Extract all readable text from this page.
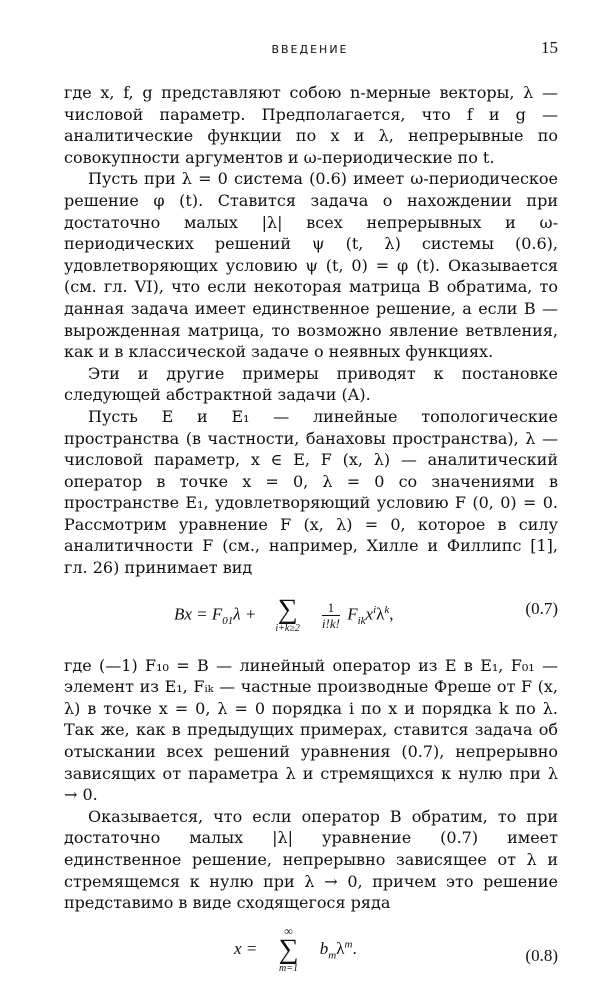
ВВЕДЕНИЕ	15

где x, f, g представляют собою n-мерные векторы, λ — числовой параметр. Предполагается, что f и g — аналитические функции по x и λ, непрерывные по совокупности аргументов и ω-периодические по t.

Пусть при λ = 0 система (0.6) имеет ω-периодическое решение φ (t). Ставится задача о нахождении при достаточно малых |λ| всех непрерывных и ω-периодических решений ψ (t, λ) системы (0.6), удовлетворяющих условию ψ (t, 0) = φ (t). Оказывается (см. гл. VI), что если некоторая матрица B обратима, то данная задача имеет единственное решение, а если B — вырожденная матрица, то возможно явление ветвления, как и в классической задаче о неявных функциях.

Эти и другие примеры приводят к постановке следующей абстрактной задачи (A).

Пусть E и E₁ — линейные топологические пространства (в частности, банаховы пространства), λ — числовой параметр, x ∈ E, F (x, λ) — аналитический оператор в точке x = 0, λ = 0 со значениями в пространстве E₁, удовлетворяющий условию F (0, 0) = 0. Рассмотрим уравнение F (x, λ) = 0, которое в силу аналитичности F (см., например, Хилле и Филлипс [1], гл. 26) принимает вид

$Bx = F_{01}\lambda$ + ∑
i+k≥2
	$\frac{1}{i!k!} F_{ik}x^i\lambda^k$,	(0.7)

где (—1) F₁₀ = B — линейный оператор из E в E₁, F₀₁ — элемент из E₁, Fᵢₖ — частные производные Фреше от F (x, λ) в точке x = 0, λ = 0 порядка i по x и порядка k по λ. Так же, как в предыдущих примерах, ставится задача об отыскании всех решений уравнения (0.7), непрерывно зависящих от параметра λ и стремящихся к нулю при λ → 0.

Оказывается, что если оператор B обратим, то при достаточно малых |λ| уравнение (0.7) имеет единственное решение, непрерывно зависящее от λ и стремящемся к нулю при λ → 0, причем это решение представимо в виде сходящегося ряда

x =
∞
∑
m=1
$b_m\lambda^m$.	(0.8)
